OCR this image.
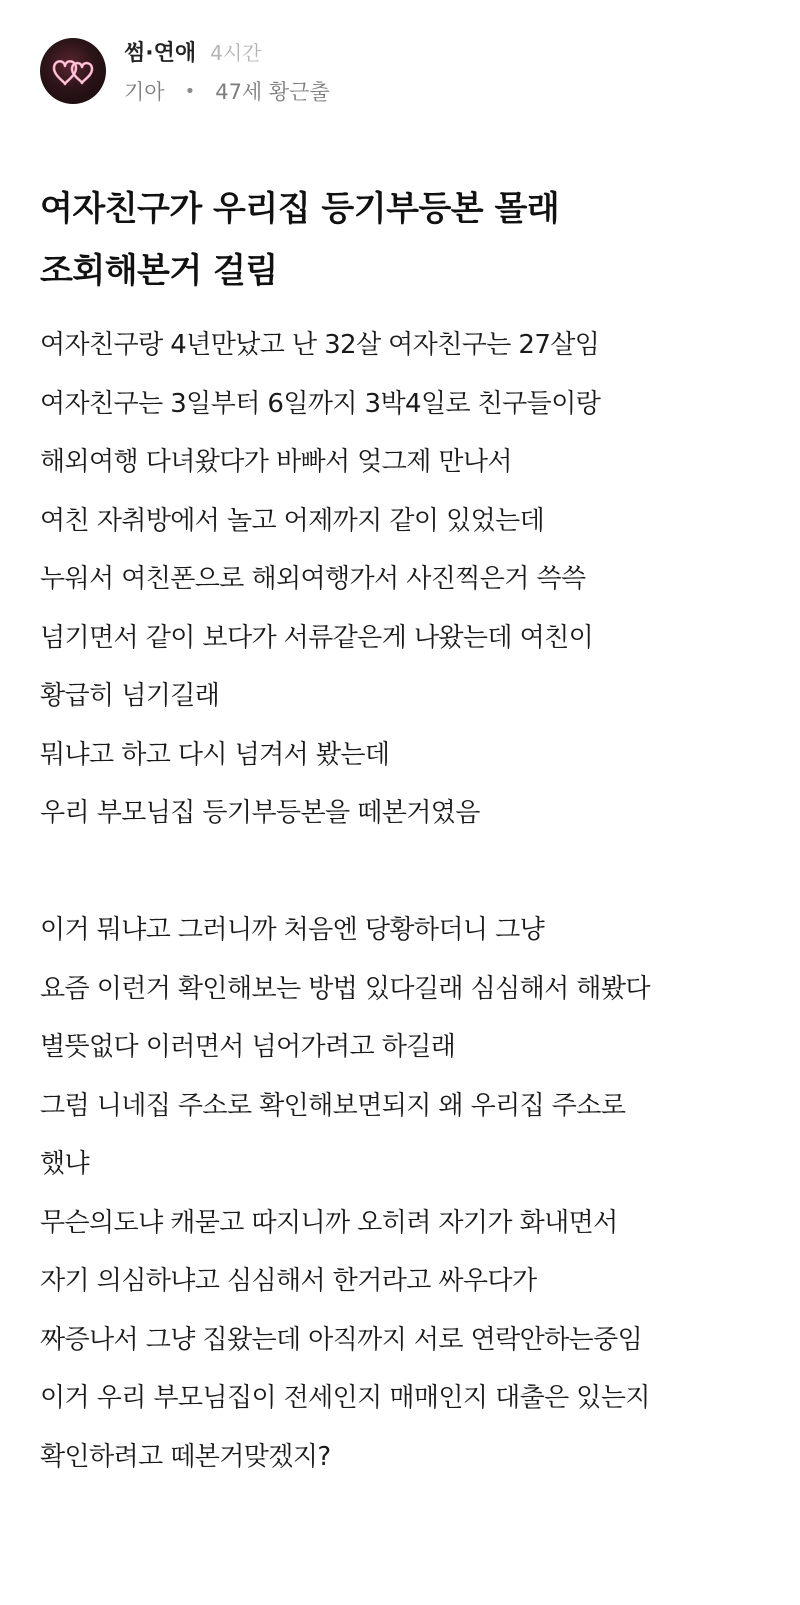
썸·연애 4시간
기아 • 47세 황근출
여자친구가 우리집 등기부등본 몰래
조회해본거 걸림
여자친구랑 4년만났고 난 32살 여자친구는 27살임
여자친구는 3일부터 6일까지 3박4일로 친구들이랑
해외여행 다녀왔다가 바빠서 엊그제 만나서
여친 자취방에서 놀고 어제까지 같이 있었는데
누워서 여친폰으로 해외여행가서 사진찍은거 쓱쓱
넘기면서 같이 보다가 서류같은게 나왔는데 여친이
황급히 넘기길래
뭐냐고 하고 다시 넘겨서 봤는데
우리 부모님집 등기부등본을 떼본거였음
이거 뭐냐고 그러니까 처음엔 당황하더니 그냥
요즘 이런거 확인해보는 방법 있다길래 심심해서 해봤다
별뜻없다 이러면서 넘어가려고 하길래
그럼 니네집 주소로 확인해보면되지 왜 우리집 주소로
했냐
무슨의도냐 캐묻고 따지니까 오히려 자기가 화내면서
자기 의심하냐고 심심해서 한거라고 싸우다가
짜증나서 그냥 집왔는데 아직까지 서로 연락안하는중임
이거 우리 부모님집이 전세인지 매매인지 대출은 있는지
확인하려고 떼본거맞겠지?
